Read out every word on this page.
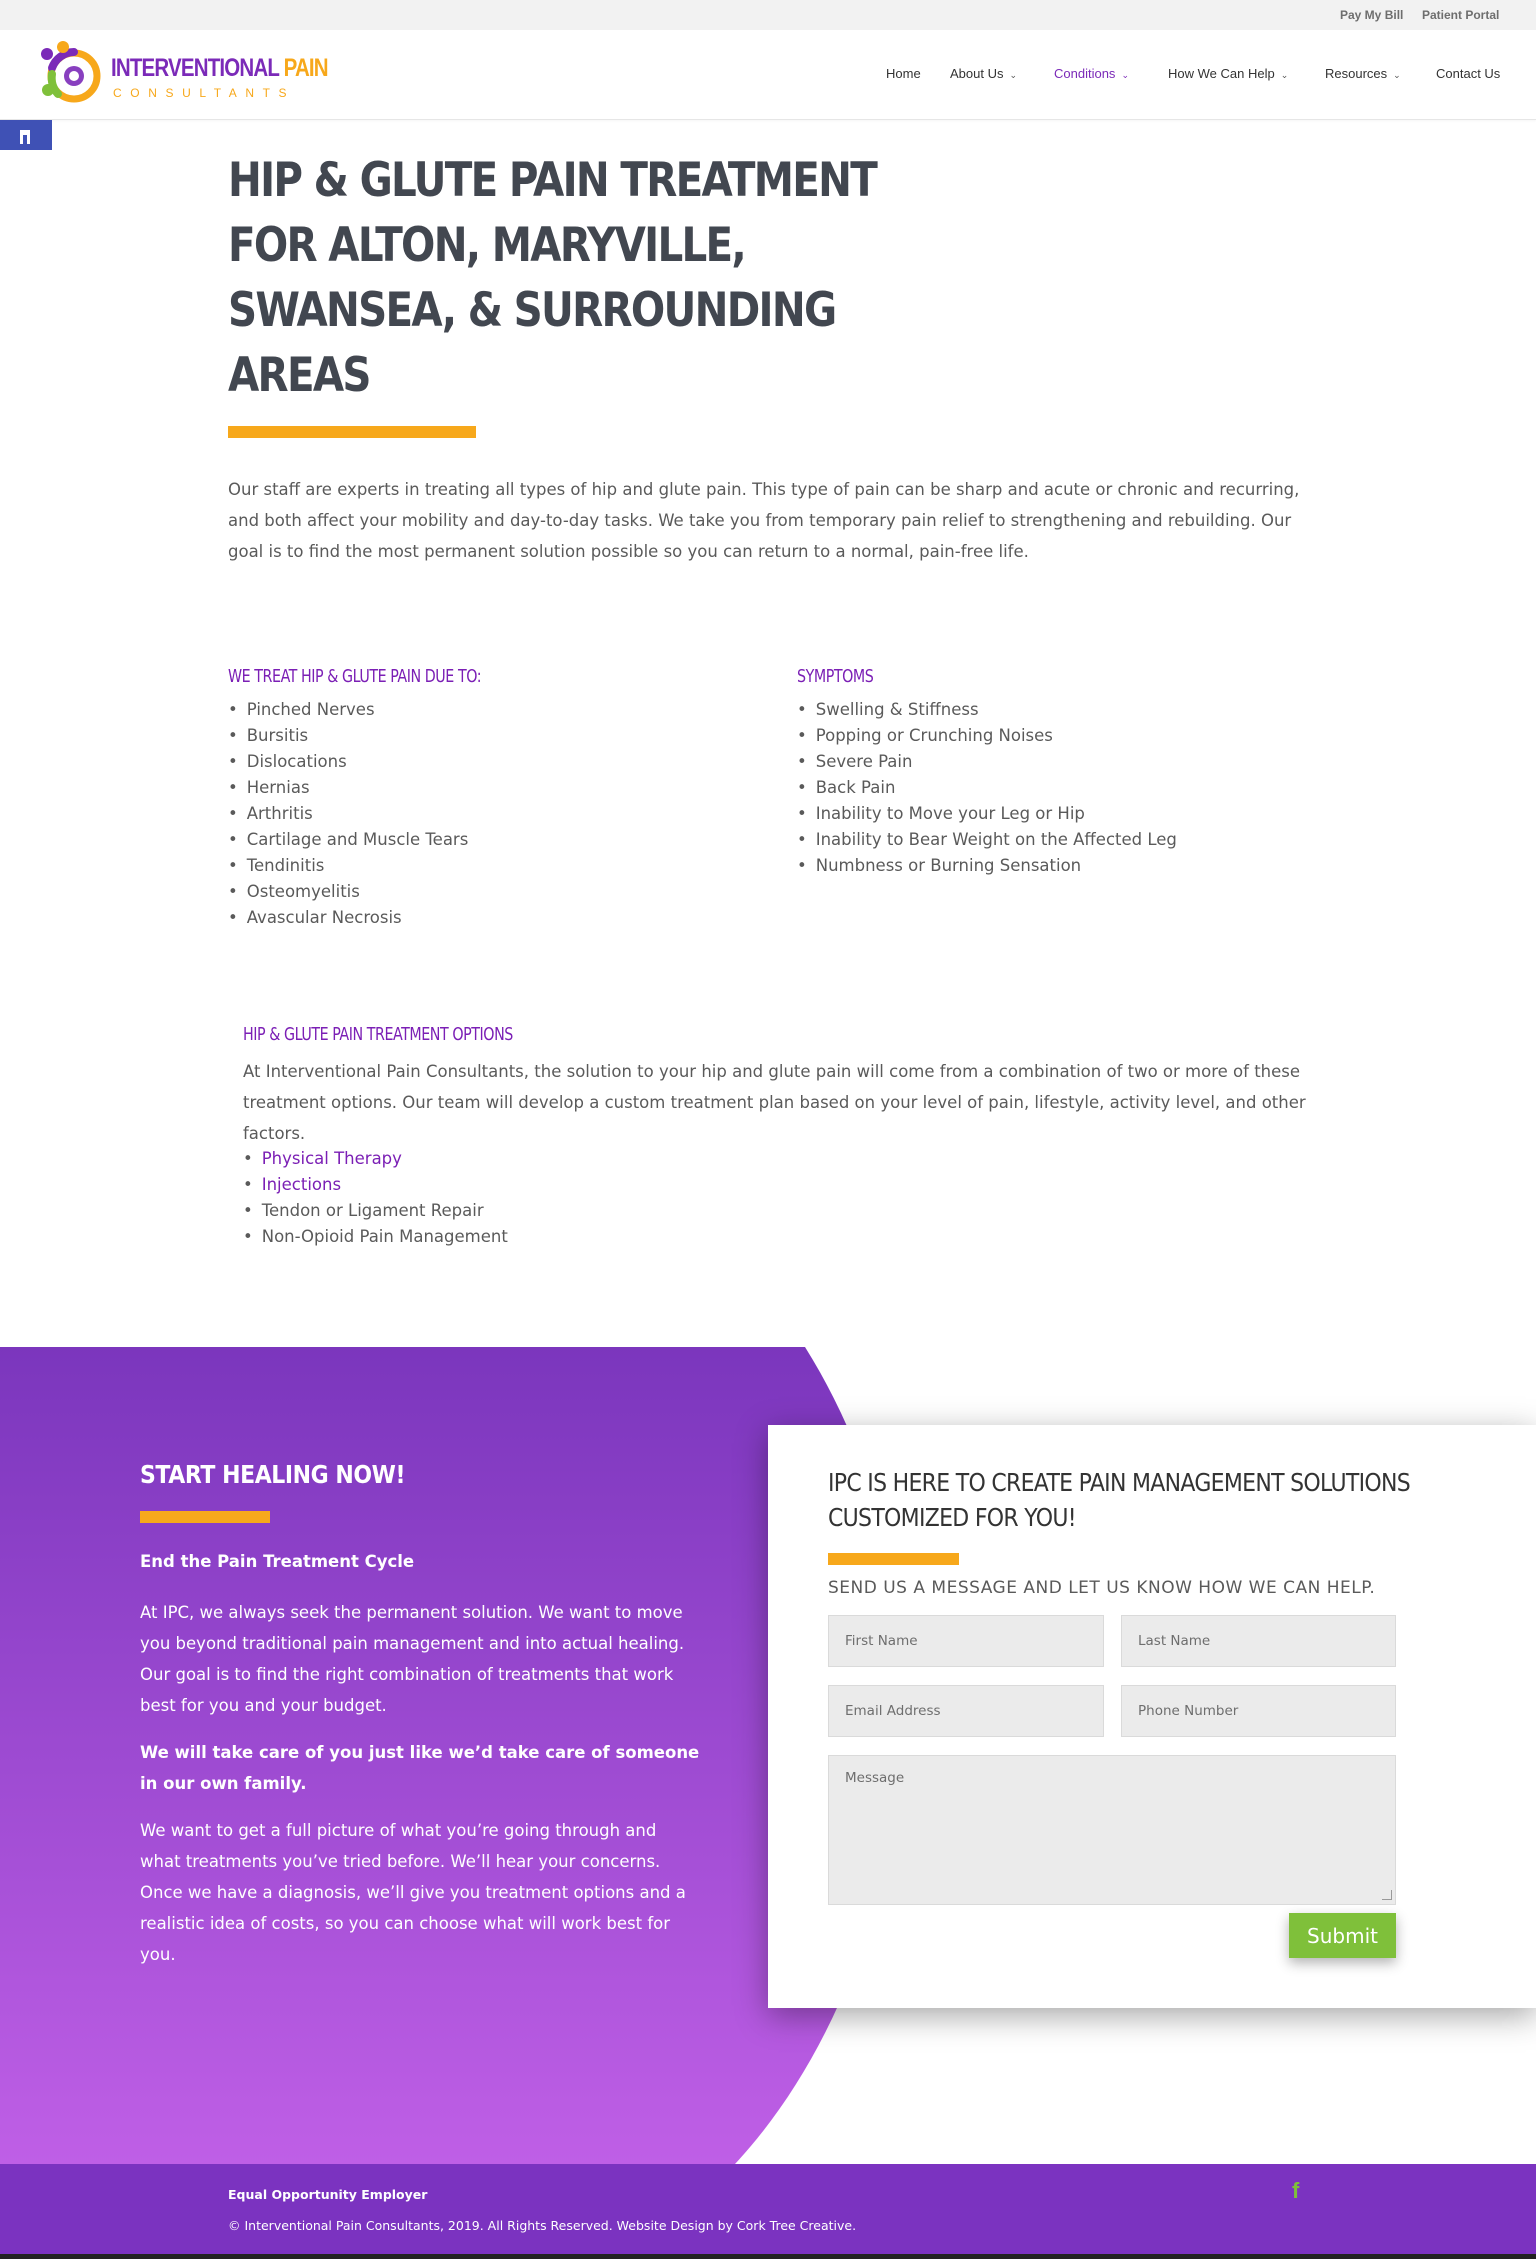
Pay My Bill Patient Portal
INTERVENTIONAL PAIN
CONSULTANTS
Home About Us ⌄	Conditions ⌄	How We Can Help ⌄	Resources ⌄	Contact Us
HIP & GLUTE PAIN TREATMENT
FOR ALTON, MARYVILLE,
SWANSEA, & SURROUNDING
AREAS

Our staff are experts in treating all types of hip and glute pain. This type of pain can be sharp and acute or chronic and recurring, and both affect your mobility and day-to-day tasks. We take you from temporary pain relief to strengthening and rebuilding. Our goal is to find the most permanent solution possible so you can return to a normal, pain-free life.

WE TREAT HIP & GLUTE PAIN DUE TO:
• Pinched Nerves
• Bursitis
• Dislocations
• Hernias
• Arthritis
• Cartilage and Muscle Tears
• Tendinitis
• Osteomyelitis
• Avascular Necrosis
SYMPTOMS
• Swelling & Stiffness
• Popping or Crunching Noises
• Severe Pain
• Back Pain
• Inability to Move your Leg or Hip
• Inability to Bear Weight on the Affected Leg
• Numbness or Burning Sensation
HIP & GLUTE PAIN TREATMENT OPTIONS

At Interventional Pain Consultants, the solution to your hip and glute pain will come from a combination of two or more of these treatment options. Our team will develop a custom treatment plan based on your level of pain, lifestyle, activity level, and other factors.

• Physical Therapy
• Injections
• Tendon or Ligament Repair
• Non-Opioid Pain Management
START HEALING NOW!
End the Pain Treatment Cycle

At IPC, we always seek the permanent solution. We want to move you beyond traditional pain management and into actual healing. Our goal is to find the right combination of treatments that work best for you and your budget.

We will take care of you just like we’d take care of someone in our own family.

We want to get a full picture of what you’re going through and what treatments you’ve tried before. We’ll hear your concerns. Once we have a diagnosis, we’ll give you treatment options and a realistic idea of costs, so you can choose what will work best for you.

IPC IS HERE TO CREATE PAIN MANAGEMENT SOLUTIONS
CUSTOMIZED FOR YOU!
SEND US A MESSAGE AND LET US KNOW HOW WE CAN HELP.
First Name
Last Name
Email Address
Phone Number
Message
Submit
Equal Opportunity Employer
© Interventional Pain Consultants, 2019. All Rights Reserved. Website Design by Cork Tree Creative.
f
